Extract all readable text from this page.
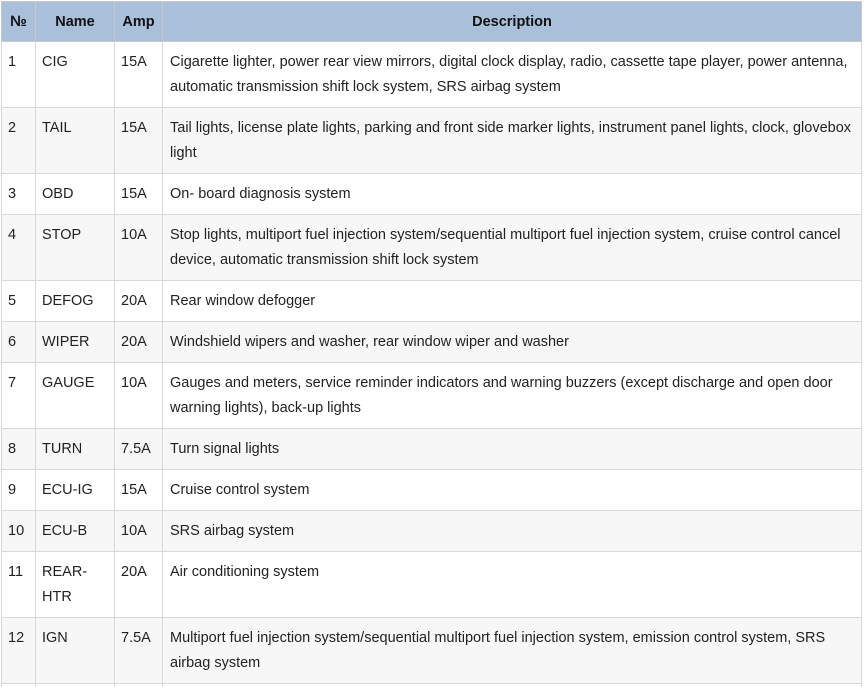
№	Name	Amp	Description
1	CIG	15A	Cigarette lighter, power rear view mirrors, digital clock display, radio, cassette tape player, power antenna, automatic transmission shift lock system, SRS airbag system
2	TAIL	15A	Tail lights, license plate lights, parking and front side marker lights, instrument panel lights, clock, glovebox light
3	OBD	15A	On- board diagnosis system
4	STOP	10A	Stop lights, multiport fuel injection system/sequential multiport fuel injection system, cruise control cancel device, automatic transmission shift lock system
5	DEFOG	20A	Rear window defogger
6	WIPER	20A	Windshield wipers and washer, rear window wiper and washer
7	GAUGE	10A	Gauges and meters, service reminder indicators and warning buzzers (except discharge and open door warning lights), back-up lights
8	TURN	7.5A	Turn signal lights
9	ECU-IG	15A	Cruise control system
10	ECU-B	10A	SRS airbag system
11	REAR-HTR	20A	Air conditioning system
12	IGN	7.5A	Multiport fuel injection system/sequential multiport fuel injection system, emission control system, SRS airbag system
